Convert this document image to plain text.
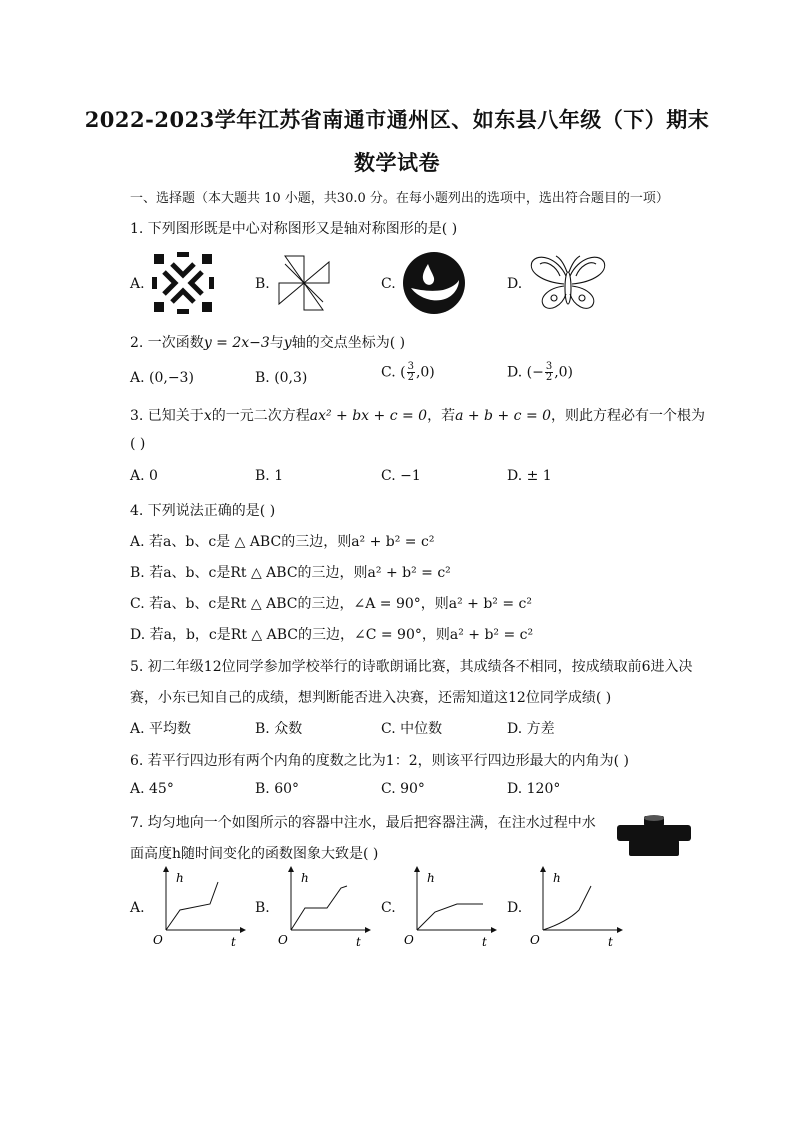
2022-2023学年江苏省南通市通州区、如东县八年级（下）期末
数学试卷
一、选择题（本大题共 10 小题，共30.0 分。在每小题列出的选项中，选出符合题目的一项）
1. 下列图形既是中心对称图形又是轴对称图形的是( )
A.	B.	C.	D.
2. 一次函数y = 2x−3与y轴的交点坐标为( )
A. (0,−3)	B. (0,3)	C. ( $\frac{3}{2} ,0$)	D. (− $\frac{3}{2} ,0$)
3. 已知关于x的一元二次方程ax² + bx + c = 0，若a + b + c = 0，则此方程必有一个根为
( )
A. 0	B. 1	C. −1	D. ± 1
4. 下列说法正确的是( )
A. 若a、b、c是 △ ABC的三边，则a² + b² = c²
B. 若a、b、c是Rt △ ABC的三边，则a² + b² = c²
C. 若a、b、c是Rt △ ABC的三边，∠A = 90°，则a² + b² = c²
D. 若a，b，c是Rt △ ABC的三边，∠C = 90°，则a² + b² = c²
5. 初二年级12位同学参加学校举行的诗歌朗诵比赛，其成绩各不相同，按成绩取前6进入决
赛，小东已知自己的成绩，想判断能否进入决赛，还需知道这12位同学成绩( )
A. 平均数	B. 众数	C. 中位数	D. 方差
6. 若平行四边形有两个内角的度数之比为1：2，则该平行四边形最大的内角为( )
A. 45°	B. 60°	C. 90°	D. 120°
7. 均匀地向一个如图所示的容器中注水，最后把容器注满，在注水过程中水
面高度h随时间变化的函数图象大致是( )
A.
h
t
O
B.
h
t
O
C.
h
t
O
D.
h
t
O
